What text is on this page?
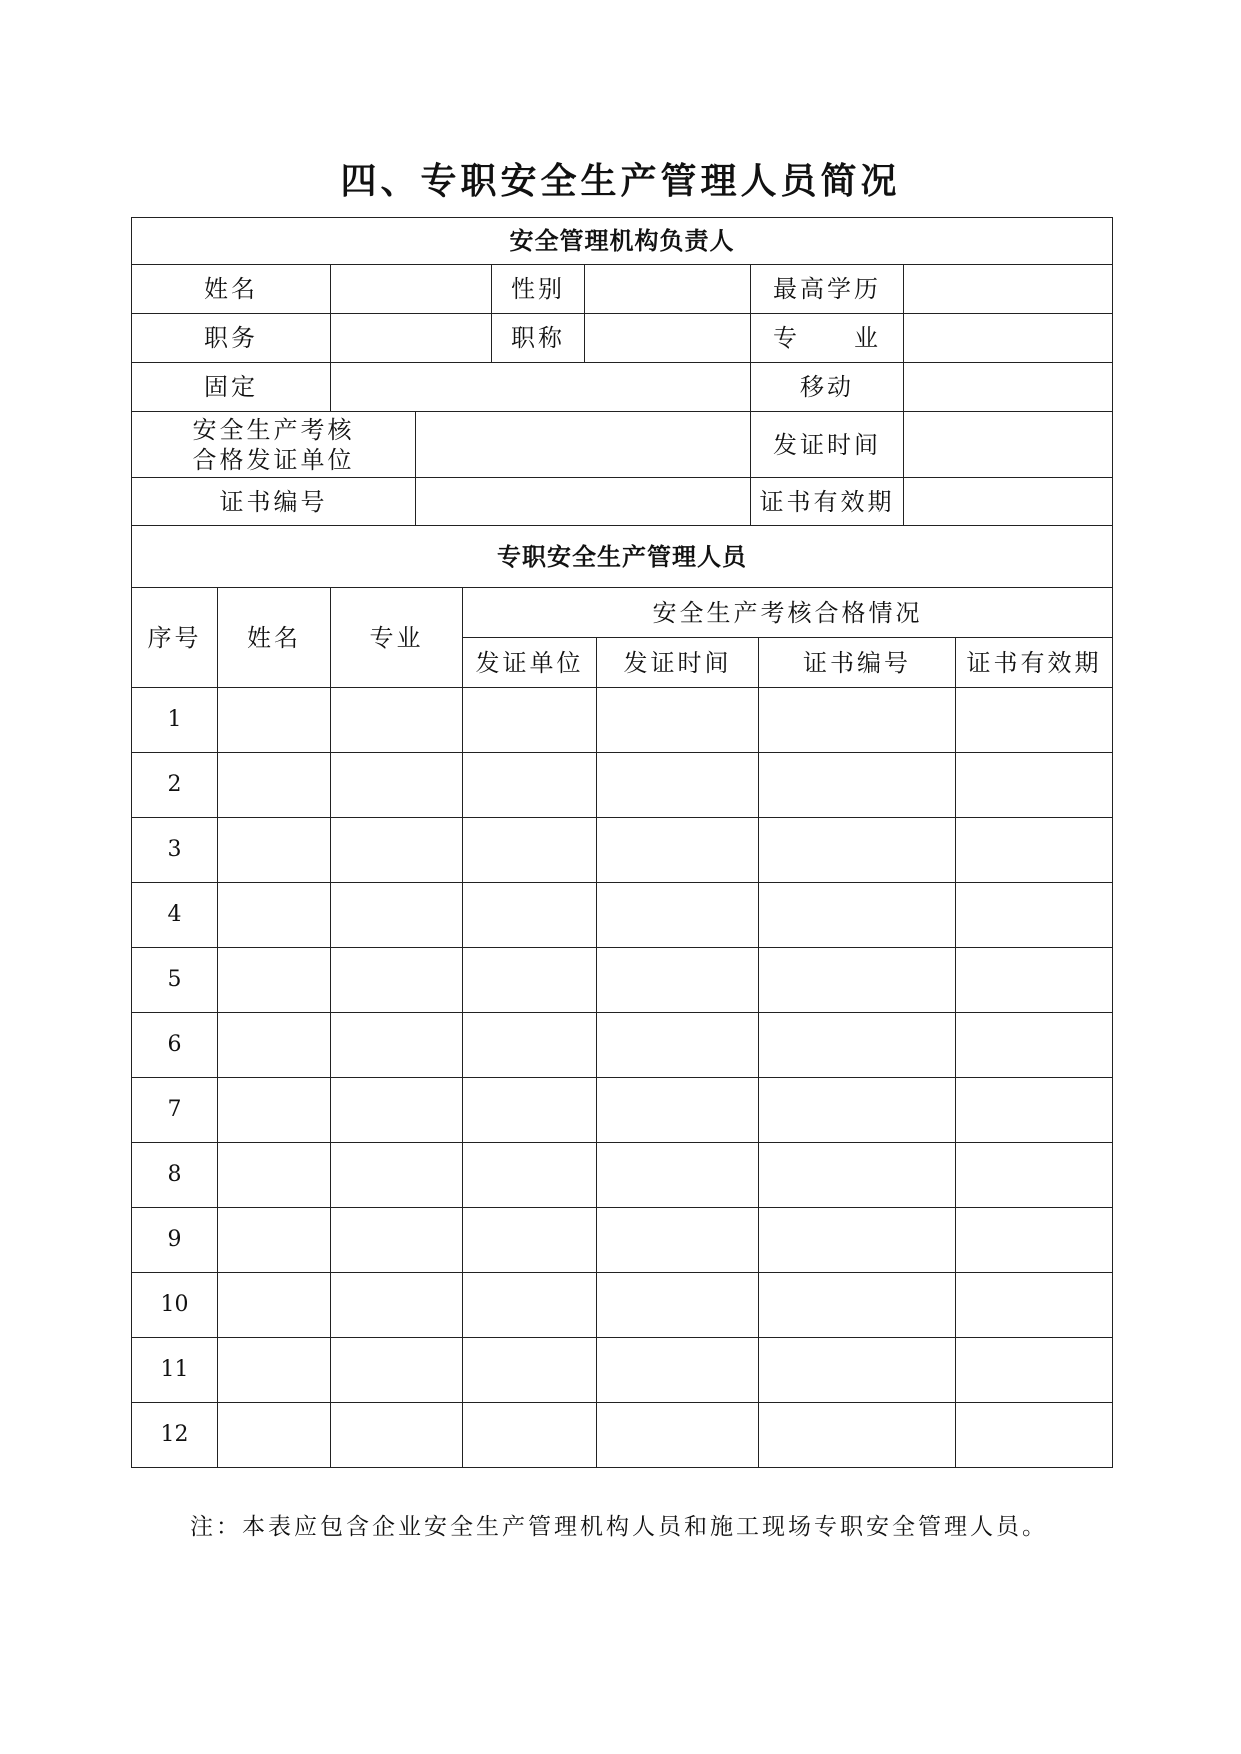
四、专职安全生产管理人员简况
安全管理机构负责人						
姓名			性别		最高学历	
职务			职称		专　　业	
固定					移动	

安全生产考核
合格发证单位					发证时间	
证书编号					证书有效期	
专职安全生产管理人员						
序号	姓名	专业	安全生产考核合格情况			
			发证单位	发证时间	证书编号	证书有效期
1						
2						
3						
4						
5						
6						
7						
8						
9						
10						
11						
12						
注：本表应包含企业安全生产管理机构人员和施工现场专职安全管理人员。
